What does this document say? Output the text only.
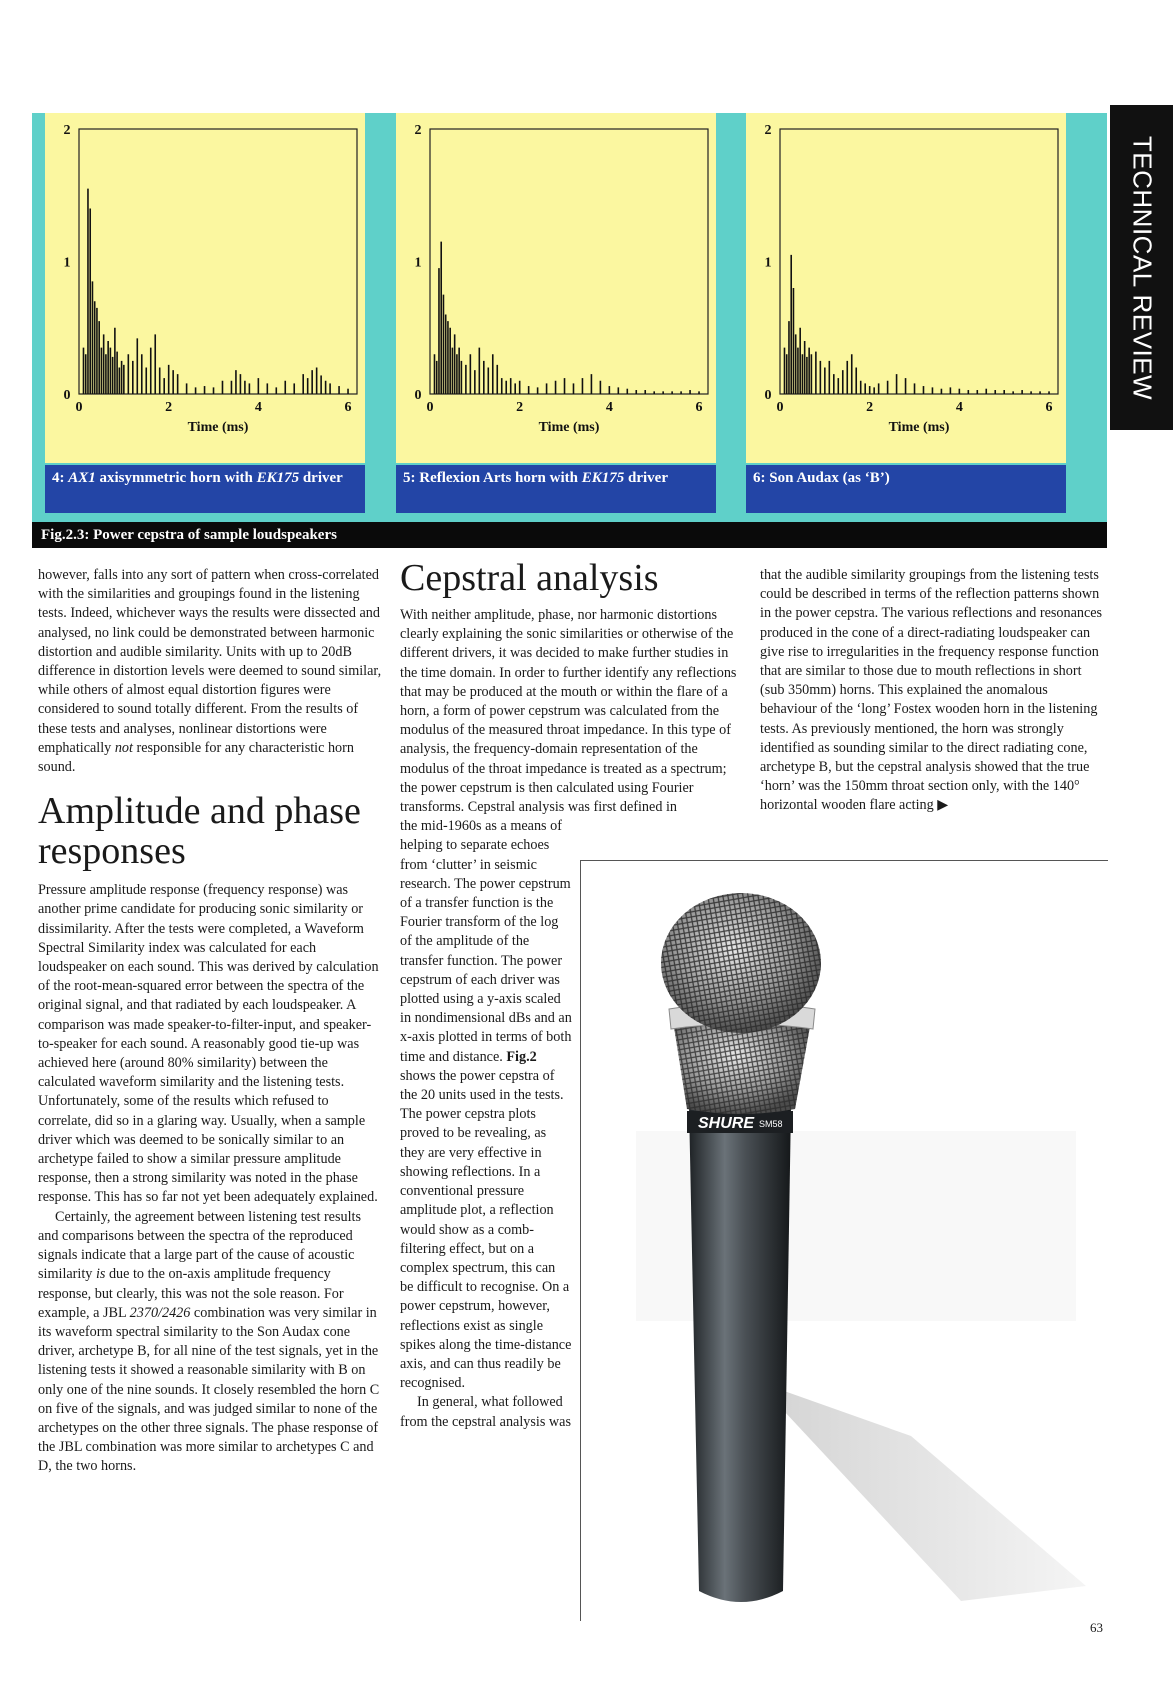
2
1
0
0	2	4	6
Time (ms)
4: AX1 axisymmetric horn with EK175 driver
2
1
0
0	2	4	6
Time (ms)
5: Reflexion Arts horn with EK175 driver
2
1
0
0	2	4	6
Time (ms)
6: Son Audax (as ‘B’)
Fig.2.3: Power cepstra of sample loudspeakers
TECHNICAL REVIEW

however, falls into any sort of pattern when cross-correlated with the similarities and groupings found in the listening tests. Indeed, whichever ways the results were dissected and analysed, no link could be demonstrated between harmonic distortion and audible similarity. Units with up to 20dB difference in distortion levels were deemed to sound similar, while others of almost equal distortion figures were considered to sound totally different. From the results of these tests and analyses, nonlinear distortions were emphatically not responsible for any characteristic horn sound.

Amplitude and phase responses

Pressure amplitude response (frequency response) was another prime candidate for producing sonic similarity or dissimilarity. After the tests were completed, a Waveform Spectral Similarity index was calculated for each loudspeaker on each sound. This was derived by calculation of the root-mean-squared error between the spectra of the original signal, and that radiated by each loudspeaker. A comparison was made speaker-to-filter-input, and speaker-to-speaker for each sound. A reasonably good tie-up was achieved here (around 80% similarity) between the calculated waveform similarity and the listening tests. Unfortunately, some of the results which refused to correlate, did so in a glaring way. Usually, when a sample driver which was deemed to be sonically similar to an archetype failed to show a similar pressure amplitude response, then a strong similarity was noted in the phase response. This has so far not yet been adequately explained.

Certainly, the agreement between listening test results and comparisons between the spectra of the reproduced signals indicate that a large part of the cause of acoustic similarity is due to the on-axis amplitude frequency response, but clearly, this was not the sole reason. For example, a JBL 2370/2426 combination was very similar in its waveform spectral similarity to the Son Audax cone driver, archetype B, for all nine of the test signals, yet in the listening tests it showed a reasonable similarity with B on only one of the nine sounds. It closely resembled the horn C on five of the signals, and was judged similar to none of the archetypes on the other three signals. The phase response of the JBL combination was more similar to archetypes C and D, the two horns.

Cepstral analysis

With neither amplitude, phase, nor harmonic distortions clearly explaining the sonic similarities or otherwise of the different drivers, it was decided to make further studies in the time domain. In order to further identify any reflections that may be produced at the mouth or within the flare of a horn, a form of power cepstrum was calculated from the modulus of the measured throat impedance. In this type of analysis, the frequency-domain representation of the modulus of the throat impedance is treated as a spectrum; the power cepstrum is then calculated using Fourier transforms. Cepstral analysis was first defined in

the mid-1960s as a means of helping to separate echoes from ‘clutter’ in seismic research. The power cepstrum of a transfer function is the Fourier transform of the log of the amplitude of the transfer function. The power cepstrum of each driver was plotted using a y-axis scaled in nondimensional dBs and an x-axis plotted in terms of both time and distance. Fig.2 shows the power cepstra of the 20 units used in the tests. The power cepstra plots proved to be revealing, as they are very effective in showing reflections. In a conventional pressure amplitude plot, a reflection would show as a comb-filtering effect, but on a complex spectrum, this can be difficult to recognise. On a power cepstrum, however, reflections exist as single spikes along the time-distance axis, and can thus readily be recognised.

In general, what followed from the cepstral analysis was

that the audible similarity groupings from the listening tests could be described in terms of the reflection patterns shown in the power cepstra. The various reflections and resonances produced in the cone of a direct-radiating loudspeaker can give rise to irregularities in the frequency response function that are similar to those due to mouth reflections in short (sub 350mm) horns. This explained the anomalous behaviour of the ‘long’ Fostex wooden horn in the listening tests. As previously mentioned, the horn was strongly identified as sounding similar to the direct radiating cone, archetype B, but the cepstral analysis showed that the true ‘horn’ was the 150mm throat section only, with the 140° horizontal wooden flare acting ▶

SHURE SM58
63
